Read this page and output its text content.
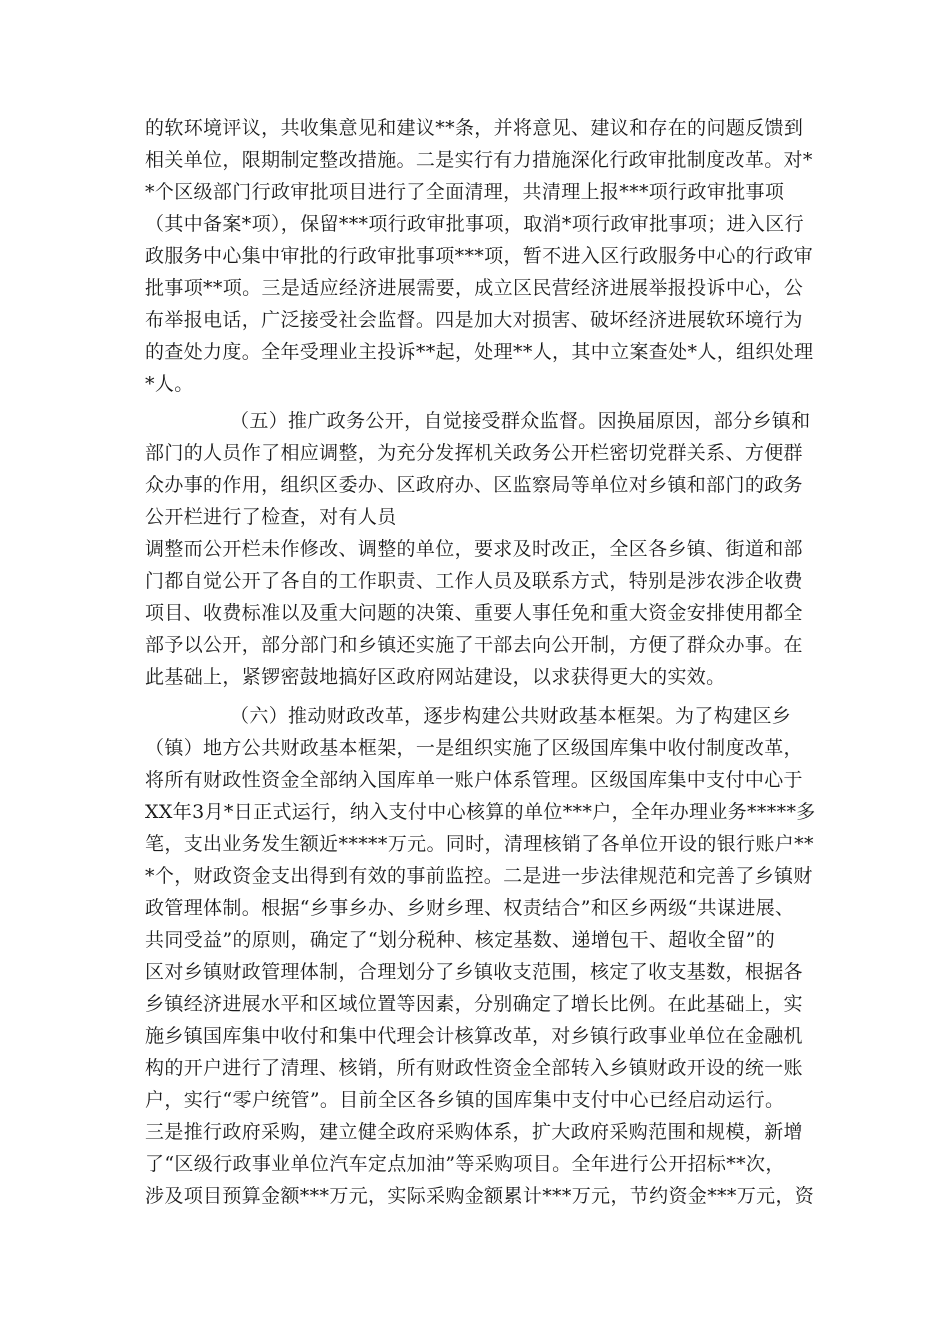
的软环境评议，共收集意见和建议**条，并将意见、建议和存在的问题反馈到
相关单位，限期制定整改措施。二是实行有力措施深化行政审批制度改革。对*
*个区级部门行政审批项目进行了全面清理，共清理上报***项行政审批事项
（其中备案*项），保留***项行政审批事项，取消*项行政审批事项；进入区行
政服务中心集中审批的行政审批事项***项，暂不进入区行政服务中心的行政审
批事项**项。三是适应经济进展需要，成立区民营经济进展举报投诉中心，公
布举报电话，广泛接受社会监督。四是加大对损害、破坏经济进展软环境行为
的查处力度。全年受理业主投诉**起，处理**人，其中立案查处*人，组织处理
*人。
（五）推广政务公开，自觉接受群众监督。因换届原因，部分乡镇和
部门的人员作了相应调整，为充分发挥机关政务公开栏密切党群关系、方便群
众办事的作用，组织区委办、区政府办、区监察局等单位对乡镇和部门的政务
公开栏进行了检查，对有人员
调整而公开栏未作修改、调整的单位，要求及时改正，全区各乡镇、街道和部
门都自觉公开了各自的工作职责、工作人员及联系方式，特别是涉农涉企收费
项目、收费标准以及重大问题的决策、重要人事任免和重大资金安排使用都全
部予以公开，部分部门和乡镇还实施了干部去向公开制，方便了群众办事。在
此基础上，紧锣密鼓地搞好区政府网站建设，以求获得更大的实效。
（六）推动财政改革，逐步构建公共财政基本框架。为了构建区乡
（镇）地方公共财政基本框架，一是组织实施了区级国库集中收付制度改革，
将所有财政性资金全部纳入国库单一账户体系管理。区级国库集中支付中心于
XX年3月*日正式运行，纳入支付中心核算的单位***户，全年办理业务*****多
笔，支出业务发生额近*****万元。同时，清理核销了各单位开设的银行账户**
*个，财政资金支出得到有效的事前监控。二是进一步法律规范和完善了乡镇财
政管理体制。根据“乡事乡办、乡财乡理、权责结合”和区乡两级“共谋进展、
共同受益”的原则，确定了“划分税种、核定基数、递增包干、超收全留”的
区对乡镇财政管理体制，合理划分了乡镇收支范围，核定了收支基数，根据各
乡镇经济进展水平和区域位置等因素，分别确定了增长比例。在此基础上，实
施乡镇国库集中收付和集中代理会计核算改革，对乡镇行政事业单位在金融机
构的开户进行了清理、核销，所有财政性资金全部转入乡镇财政开设的统一账
户，实行“零户统管”。目前全区各乡镇的国库集中支付中心已经启动运行。
三是推行政府采购，建立健全政府采购体系，扩大政府采购范围和规模，新增
了“区级行政事业单位汽车定点加油”等采购项目。全年进行公开招标**次，
涉及项目预算金额***万元，实际采购金额累计***万元，节约资金***万元，资
